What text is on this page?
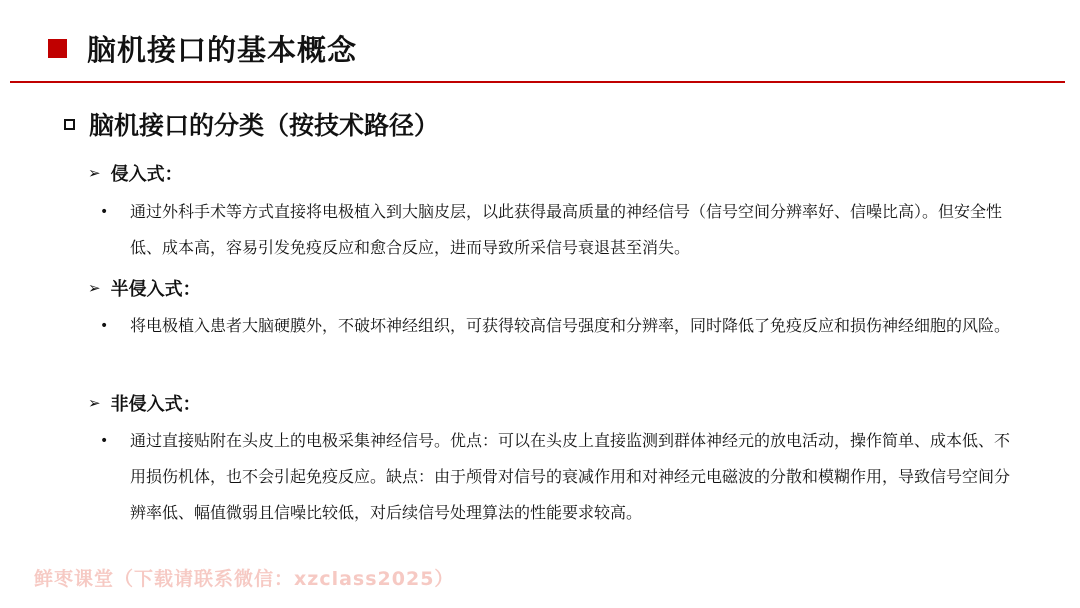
脑机接口的基本概念
脑机接口的分类（按技术路径）
➢ 侵入式：
•	通过外科手术等方式直接将电极植入到大脑皮层，以此获得最高质量的神经信号（信号空间分辨率好、信噪比高）。但安全性低、成本高，容易引发免疫反应和愈合反应，进而导致所采信号衰退甚至消失。
➢ 半侵入式：
•	将电极植入患者大脑硬膜外，不破坏神经组织，可获得较高信号强度和分辨率，同时降低了免疫反应和损伤神经细胞的风险。
➢ 非侵入式：
•	通过直接贴附在头皮上的电极采集神经信号。优点：可以在头皮上直接监测到群体神经元的放电活动，操作简单、成本低、不用损伤机体，也不会引起免疫反应。缺点：由于颅骨对信号的衰减作用和对神经元电磁波的分散和模糊作用，导致信号空间分辨率低、幅值微弱且信噪比较低，对后续信号处理算法的性能要求较高。
鲜枣课堂（下载请联系微信：xzclass2025）
